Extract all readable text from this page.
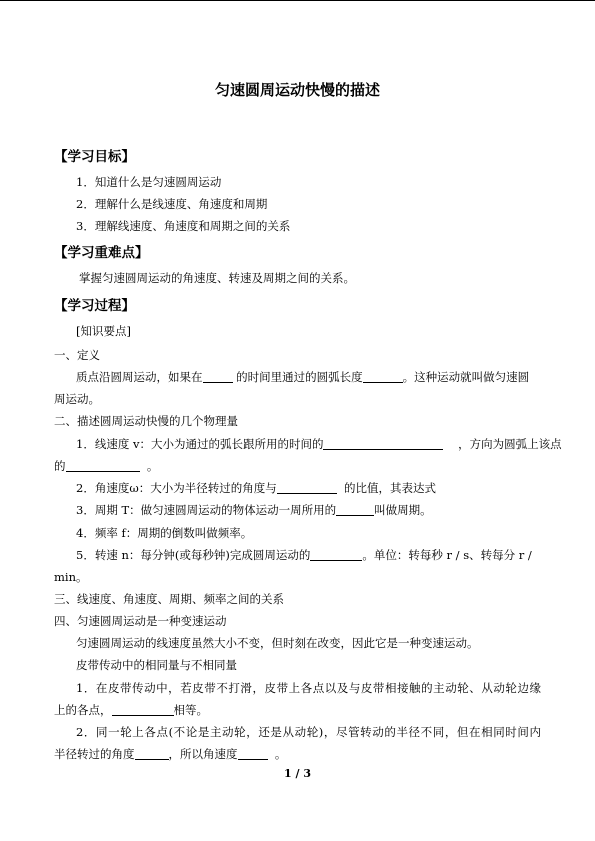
匀速圆周运动快慢的描述
【学习目标】
1．知道什么是匀速圆周运动
2．理解什么是线速度、角速度和周期
3．理解线速度、角速度和周期之间的关系
【学习重难点】
掌握匀速圆周运动的角速度、转速及周期之间的关系。
【学习过程】
[知识要点]
一、定义
质点沿圆周运动，如果在	的时间里通过的圆弧长度	。这种运动就叫做匀速圆
周运动。
二、描述圆周运动快慢的几个物理量
1．线速度 v：大小为通过的弧长跟所用的时间的	，方向为圆弧上该点
的	。
2．角速度ω：大小为半径转过的角度与	的比值，其表达式
3．周期 T：做匀速圆周运动的物体运动一周所用的	叫做周期。
4．频率 f：周期的倒数叫做频率。
5．转速 n：每分钟(或每秒钟)完成圆周运动的	。单位：转每秒 r / s、转每分 r /
min。
三、线速度、角速度、周期、频率之间的关系
四、匀速圆周运动是一种变速运动
匀速圆周运动的线速度虽然大小不变，但时刻在改变，因此它是一种变速运动。
皮带传动中的相同量与不相同量
1．在皮带传动中，若皮带不打滑，皮带上各点以及与皮带相接触的主动轮、从动轮边缘
上的各点，	相等。
2．同一轮上各点(不论是主动轮，还是从动轮)，尽管转动的半径不同，但在相同时间内
半径转过的角度	，所以角速度	。
1 / 3
